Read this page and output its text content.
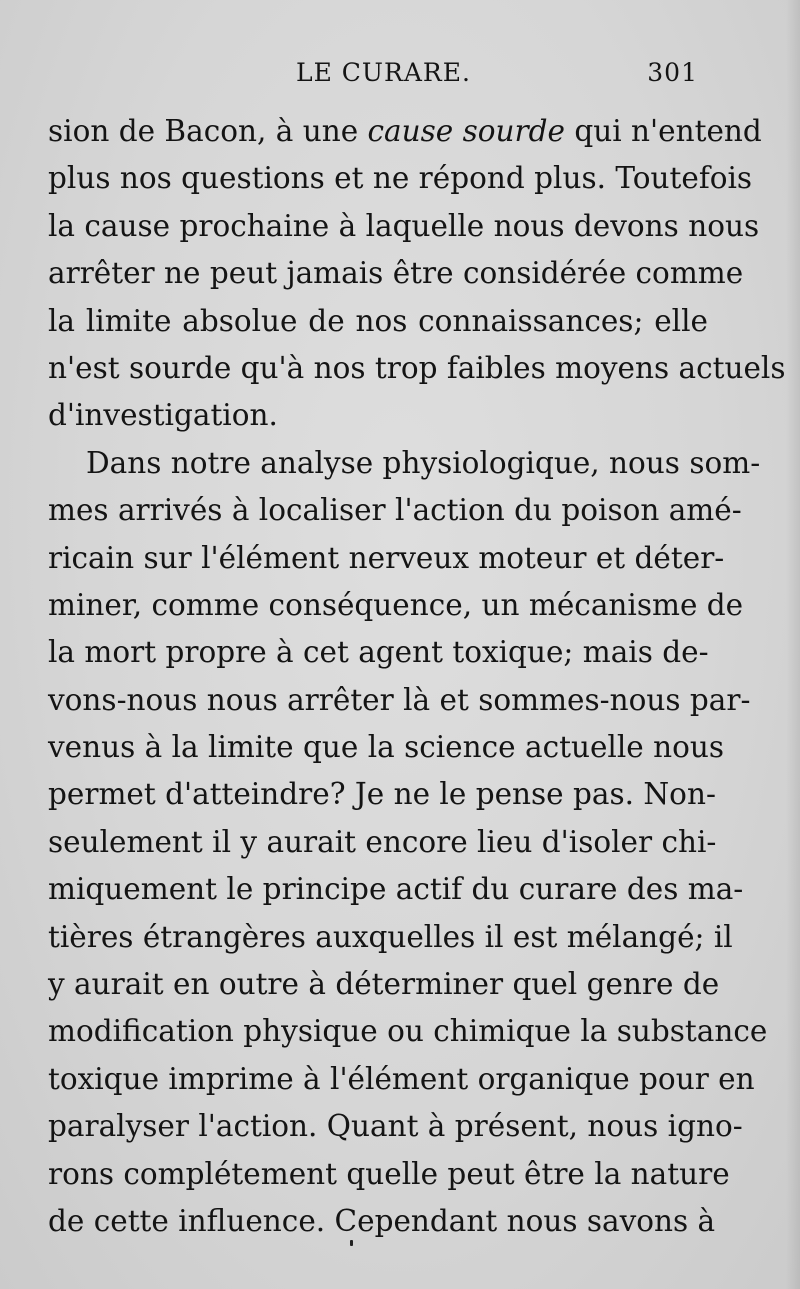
LE CURARE.	301
sion de Bacon, à une cause sourde qui n'entend
plus nos questions et ne répond plus. Toutefois
la cause prochaine à laquelle nous devons nous
arrêter ne peut jamais être considérée comme
la limite absolue de nos connaissances; elle
n'est sourde qu'à nos trop faibles moyens actuels
d'investigation.
Dans notre analyse physiologique, nous som-
mes arrivés à localiser l'action du poison amé-
ricain sur l'élément nerveux moteur et déter-
miner, comme conséquence, un mécanisme de
la mort propre à cet agent toxique; mais de-
vons-nous nous arrêter là et sommes-nous par-
venus à la limite que la science actuelle nous
permet d'atteindre? Je ne le pense pas. Non-
seulement il y aurait encore lieu d'isoler chi-
miquement le principe actif du curare des ma-
tières étrangères auxquelles il est mélangé; il
y aurait en outre à déterminer quel genre de
modification physique ou chimique la substance
toxique imprime à l'élément organique pour en
paralyser l'action. Quant à présent, nous igno-
rons complétement quelle peut être la nature
de cette influence. Cependant nous savons à
